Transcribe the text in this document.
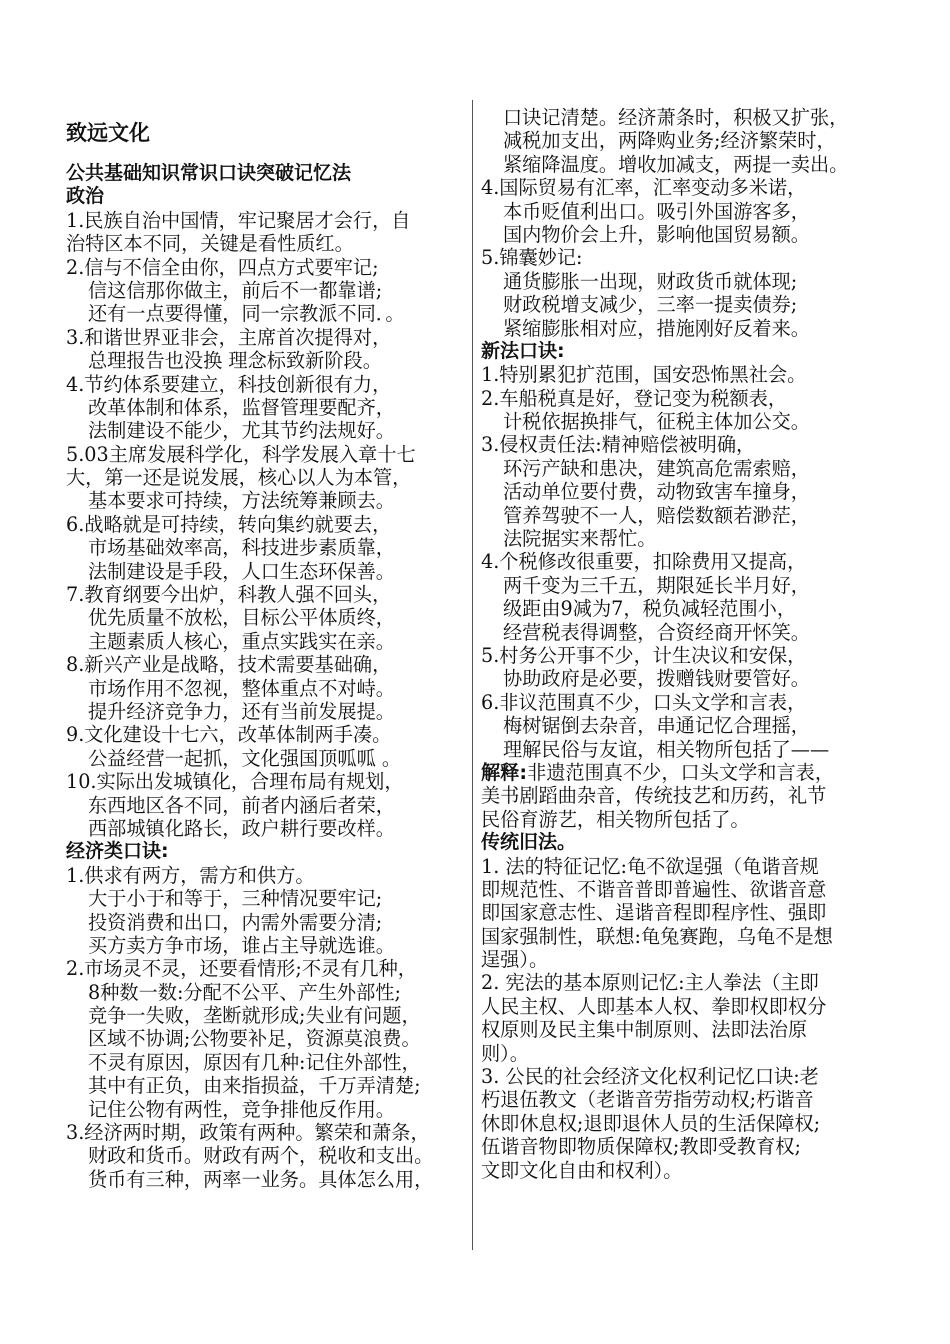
致远文化
公共基础知识常识口诀突破记忆法
政治
1.民族自治中国情，牢记聚居才会行，自
治特区本不同，关键是看性质红。
2.信与不信全由你，四点方式要牢记;
信这信那你做主，前后不一都靠谱;
还有一点要得懂，同一宗教派不同．。
3.和谐世界亚非会，主席首次提得对，
总理报告也没换 理念标致新阶段。
4.节约体系要建立，科技创新很有力，
改革体制和体系，监督管理要配齐，
法制建设不能少，尤其节约法规好。
5.03主席发展科学化，科学发展入章十七
大，第一还是说发展，核心以人为本管，
基本要求可持续，方法统筹兼顾去。
6.战略就是可持续，转向集约就要去，
市场基础效率高，科技进步素质靠，
法制建设是手段，人口生态环保善。
7.教育纲要今出炉，科教人强不回头，
优先质量不放松，目标公平体质终，
主题素质人核心，重点实践实在亲。
8.新兴产业是战略，技术需要基础确，
市场作用不忽视，整体重点不对峙。
提升经济竞争力，还有当前发展提。
9.文化建设十七六，改革体制两手凑。
公益经营一起抓，文化强国顶呱呱 。
10.实际出发城镇化，合理布局有规划，
东西地区各不同，前者内涵后者荣，
西部城镇化路长，政户耕行要改样。
经济类口诀:
1.供求有两方，需方和供方。
大于小于和等于，三种情况要牢记;
投资消费和出口，内需外需要分清;
买方卖方争市场，谁占主导就选谁。
2.市场灵不灵，还要看情形;不灵有几种，
8种数一数:分配不公平、产生外部性;
竞争一失败，垄断就形成;失业有问题，
区域不协调;公物要补足，资源莫浪费。
不灵有原因，原因有几种:记住外部性，
其中有正负，由来指损益，千万弄清楚;
记住公物有两性，竞争排他反作用。
3.经济两时期，政策有两种。繁荣和萧条，
财政和货币。财政有两个，税收和支出。
货币有三种，两率一业务。具体怎么用，
口诀记清楚。经济萧条时，积极又扩张，
减税加支出，两降购业务;经济繁荣时，
紧缩降温度。增收加减支，两提一卖出。
4.国际贸易有汇率，汇率变动多米诺，
本币贬值利出口。吸引外国游客多，
国内物价会上升，影响他国贸易额。
5.锦囊妙记:
通货膨胀一出现，财政货币就体现;
财政税增支减少，三率一提卖债券;
紧缩膨胀相对应，措施刚好反着来。
新法口诀:
1.特别累犯扩范围，国安恐怖黑社会。
2.车船税真是好，登记变为税额表，
计税依据换排气，征税主体加公交。
3.侵权责任法:精神赔偿被明确，
环污产缺和患决，建筑高危需索赔，
活动单位要付费，动物致害车撞身，
管养驾驶不一人，赔偿数额若渺茫，
法院据实来帮忙。
4.个税修改很重要，扣除费用又提高，
两千变为三千五，期限延长半月好，
级距由9减为7，税负减轻范围小，
经营税表得调整，合资经商开怀笑。
5.村务公开事不少，计生决议和安保，
协助政府是必要，拨赠钱财要管好。
6.非议范围真不少，口头文学和言表，
梅树锯倒去杂音，串通记忆合理摇，
理解民俗与友谊，相关物所包括了——
解释:非遗范围真不少，口头文学和言表，
美书剧蹈曲杂音，传统技艺和历药，礼节
民俗育游艺，相关物所包括了。
传统旧法。
1. 法的特征记忆:龟不欲逞强（龟谐音规
即规范性、不谐音普即普遍性、欲谐音意
即国家意志性、逞谐音程即程序性、强即
国家强制性，联想:龟兔赛跑，乌龟不是想
逞强）。
2. 宪法的基本原则记忆:主人拳法（主即
人民主权、人即基本人权、拳即权即权分
权原则及民主集中制原则、法即法治原
则）。
3. 公民的社会经济文化权利记忆口诀:老
朽退伍教文（老谐音劳指劳动权;朽谐音
休即休息权;退即退休人员的生活保障权;
伍谐音物即物质保障权;教即受教育权;
文即文化自由和权利）。
